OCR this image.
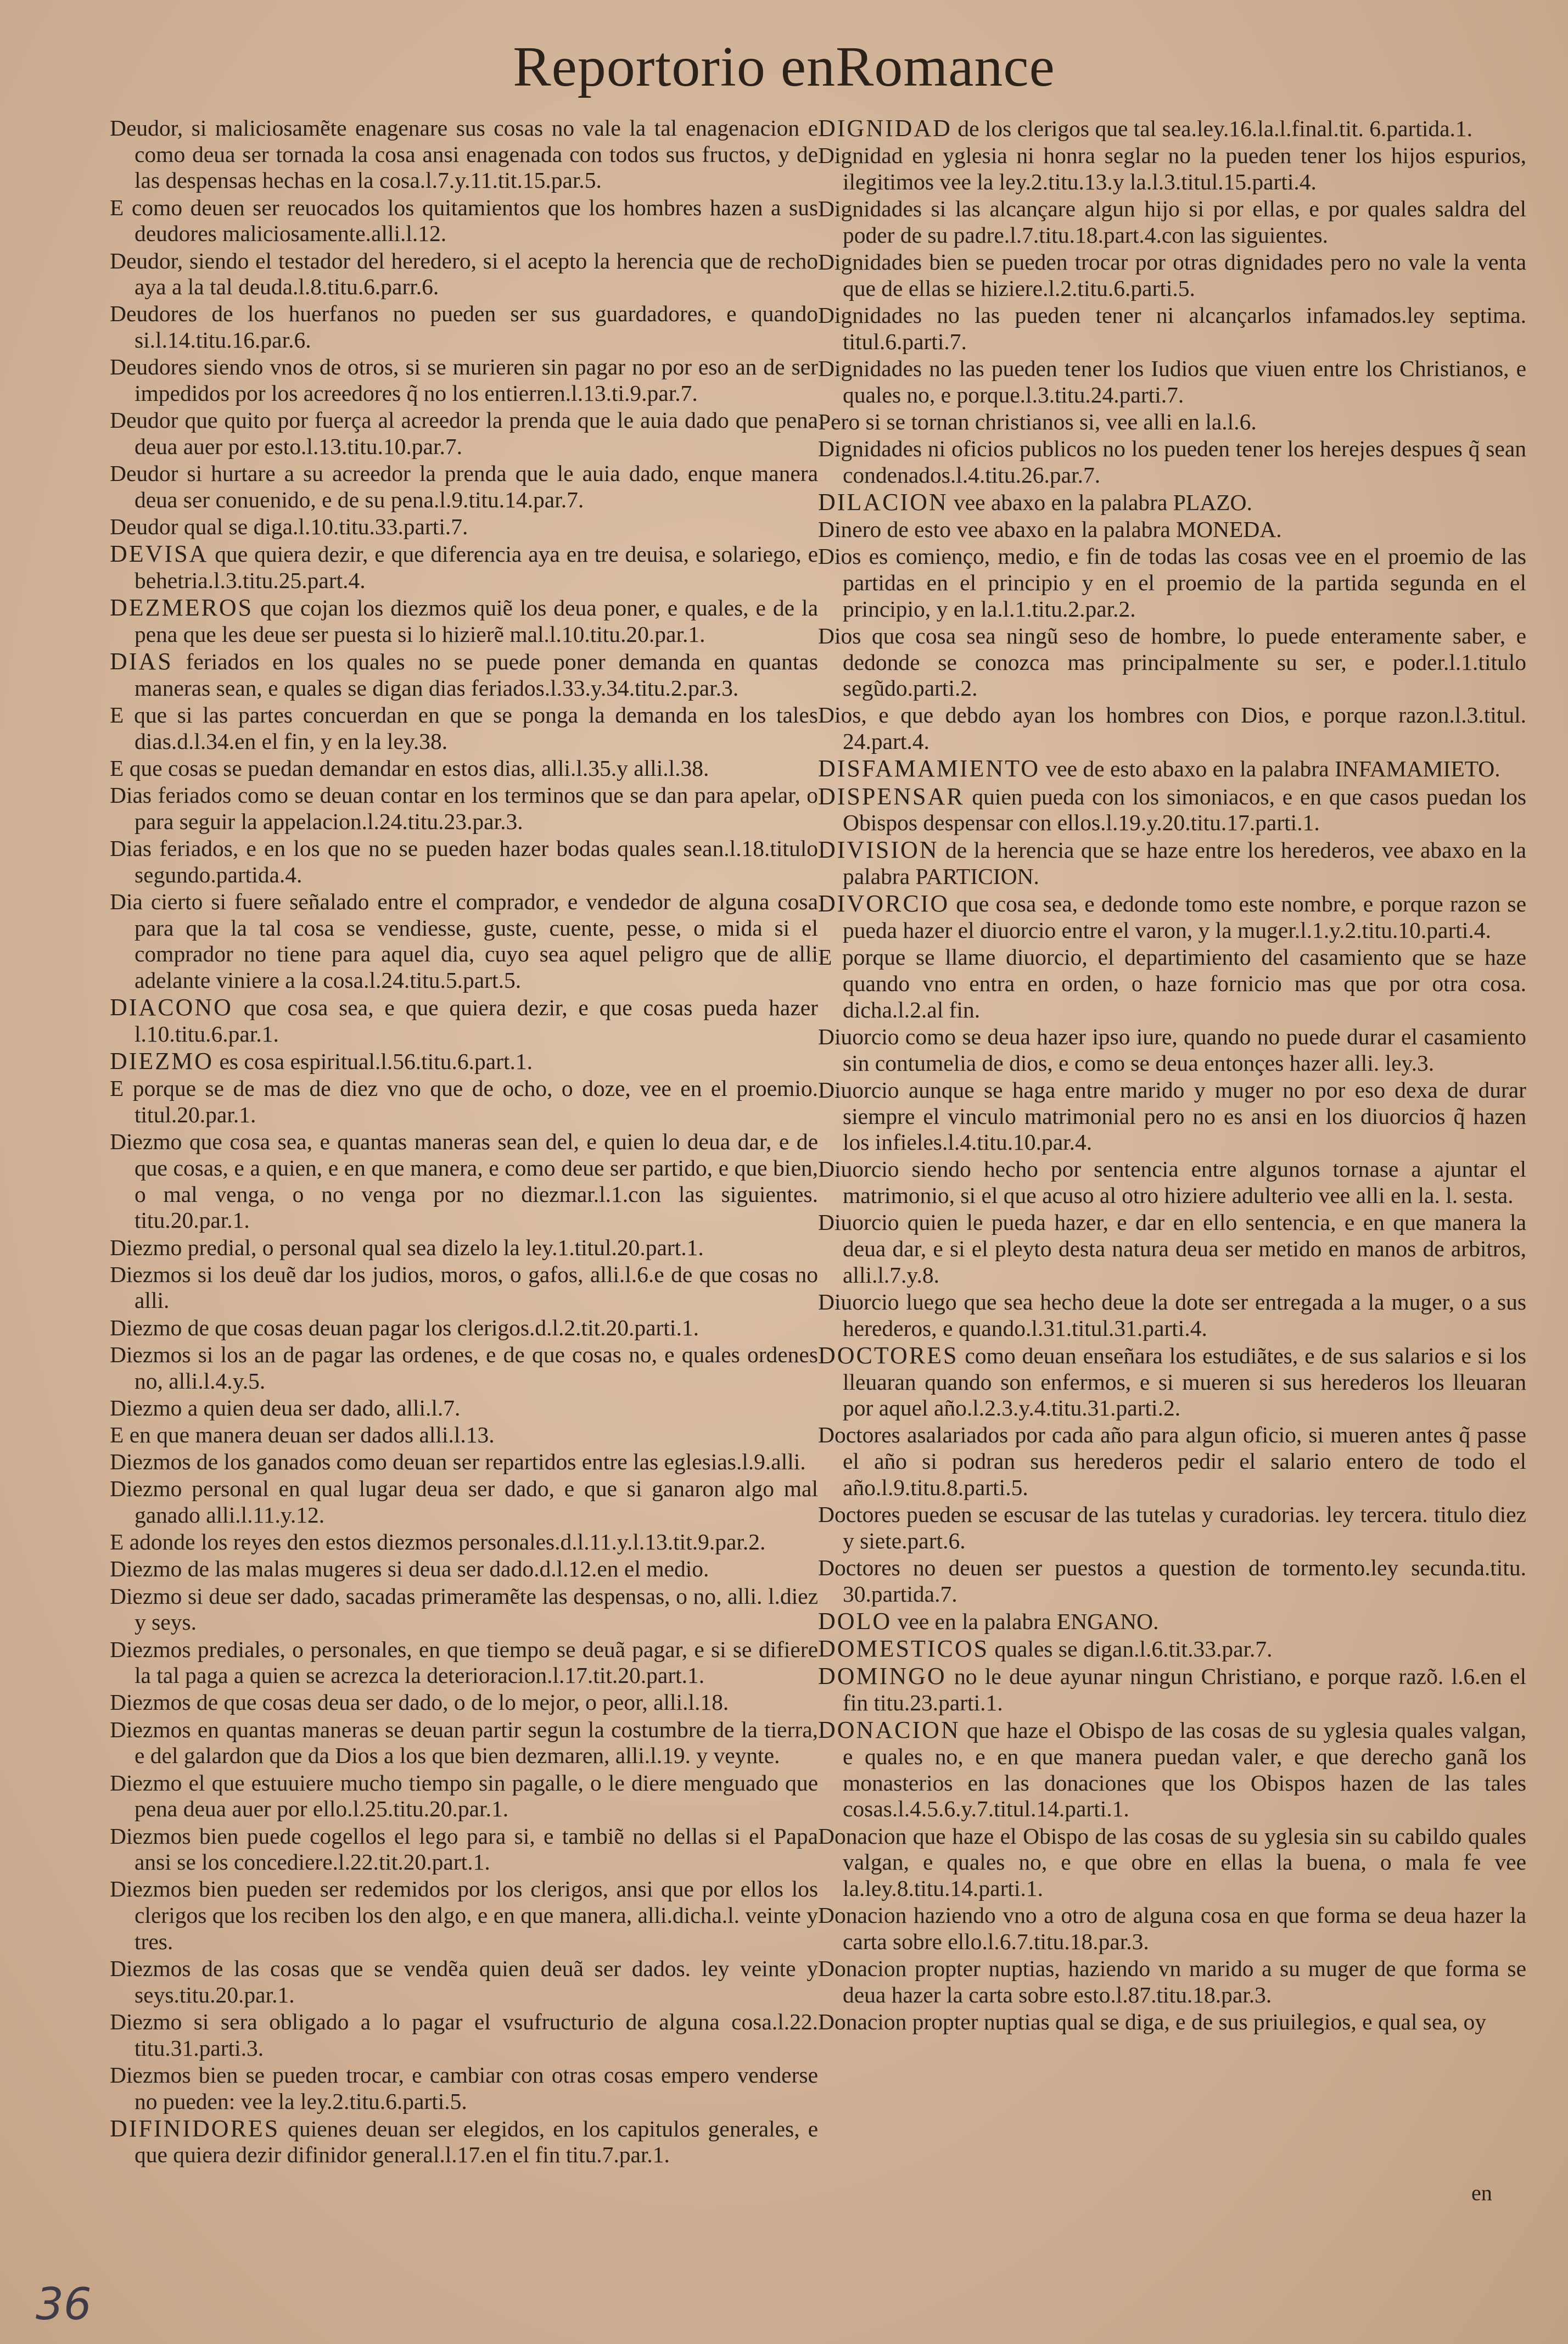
Reportorio enRomance

Deudor, si maliciosamẽte enagenare sus cosas no vale la tal enagenacion e como deua ser tornada la cosa ansi enagenada con todos sus fructos, y de las despensas hechas en la cosa.l.7.y.11.tit.15.par.5.

E como deuen ser reuocados los quitamientos que los hombres hazen a sus deudores maliciosamente.alli.l.12.

Deudor, siendo el testador del heredero, si el acepto la herencia que de recho aya a la tal deuda.l.8.titu.6.parr.6.

Deudores de los huerfanos no pueden ser sus guardadores, e quando si.l.14.titu.16.par.6.

Deudores siendo vnos de otros, si se murieren sin pagar no por eso an de ser impedidos por los acreedores q̃ no los entierren.l.13.ti.9.par.7.

Deudor que quito por fuerça al acreedor la prenda que le auia dado que pena deua auer por esto.l.13.titu.10.par.7.

Deudor si hurtare a su acreedor la prenda que le auia dado, enque manera deua ser conuenido, e de su pena.l.9.titu.14.par.7.

Deudor qual se diga.l.10.titu.33.parti.7.

DEVISA que quiera dezir, e que diferencia aya en tre deuisa, e solariego, e behetria.l.3.titu.25.part.4.

DEZMEROS que cojan los diezmos quiẽ los deua poner, e quales, e de la pena que les deue ser puesta si lo hizierẽ mal.l.10.titu.20.par.1.

DIAS feriados en los quales no se puede poner demanda en quantas maneras sean, e quales se digan dias feriados.l.33.y.34.titu.2.par.3.

E que si las partes concuerdan en que se ponga la demanda en los tales dias.d.l.34.en el fin, y en la ley.38.

E que cosas se puedan demandar en estos dias, alli.l.35.y alli.l.38.

Dias feriados como se deuan contar en los terminos que se dan para apelar, o para seguir la appelacion.l.24.titu.23.par.3.

Dias feriados, e en los que no se pueden hazer bodas quales sean.l.18.titulo segundo.partida.4.

Dia cierto si fuere señalado entre el comprador, e vendedor de alguna cosa para que la tal cosa se vendiesse, guste, cuente, pesse, o mida si el comprador no tiene para aquel dia, cuyo sea aquel peligro que de alli adelante viniere a la cosa.l.24.titu.5.part.5.

DIACONO que cosa sea, e que quiera dezir, e que cosas pueda hazer l.10.titu.6.par.1.

DIEZMO es cosa espiritual.l.56.titu.6.part.1.

E porque se de mas de diez vno que de ocho, o doze, vee en el proemio. titul.20.par.1.

Diezmo que cosa sea, e quantas maneras sean del, e quien lo deua dar, e de que cosas, e a quien, e en que manera, e como deue ser partido, e que bien, o mal venga, o no venga por no diezmar.l.1.con las siguientes. titu.20.par.1.

Diezmo predial, o personal qual sea dizelo la ley.1.titul.20.part.1.

Diezmos si los deuẽ dar los judios, moros, o gafos, alli.l.6.e de que cosas no alli.

Diezmo de que cosas deuan pagar los clerigos.d.l.2.tit.20.parti.1.

Diezmos si los an de pagar las ordenes, e de que cosas no, e quales ordenes no, alli.l.4.y.5.

Diezmo a quien deua ser dado, alli.l.7.

E en que manera deuan ser dados alli.l.13.

Diezmos de los ganados como deuan ser repartidos entre las eglesias.l.9.alli.

Diezmo personal en qual lugar deua ser dado, e que si ganaron algo mal ganado alli.l.11.y.12.

E adonde los reyes den estos diezmos personales.d.l.11.y.l.13.tit.9.par.2.

Diezmo de las malas mugeres si deua ser dado.d.l.12.en el medio.

Diezmo si deue ser dado, sacadas primeramẽte las despensas, o no, alli. l.diez y seys.

Diezmos prediales, o personales, en que tiempo se deuã pagar, e si se difiere la tal paga a quien se acrezca la deterioracion.l.17.tit.20.part.1.

Diezmos de que cosas deua ser dado, o de lo mejor, o peor, alli.l.18.

Diezmos en quantas maneras se deuan partir segun la costumbre de la tierra, e del galardon que da Dios a los que bien dezmaren, alli.l.19. y veynte.

Diezmo el que estuuiere mucho tiempo sin pagalle, o le diere menguado que pena deua auer por ello.l.25.titu.20.par.1.

Diezmos bien puede cogellos el lego para si, e tambiẽ no dellas si el Papa ansi se los concediere.l.22.tit.20.part.1.

Diezmos bien pueden ser redemidos por los clerigos, ansi que por ellos los clerigos que los reciben los den algo, e en que manera, alli.dicha.l. veinte y tres.

Diezmos de las cosas que se vendẽa quien deuã ser dados. ley veinte y seys.titu.20.par.1.

Diezmo si sera obligado a lo pagar el vsufructurio de alguna cosa.l.22. titu.31.parti.3.

Diezmos bien se pueden trocar, e cambiar con otras cosas empero venderse no pueden: vee la ley.2.titu.6.parti.5.

DIFINIDORES quienes deuan ser elegidos, en los capitulos generales, e que quiera dezir difinidor general.l.17.en el fin titu.7.par.1.

DIGNIDAD de los clerigos que tal sea.ley.16.la.l.final.tit. 6.partida.1.

Dignidad en yglesia ni honra seglar no la pueden tener los hijos espurios, ilegitimos vee la ley.2.titu.13.y la.l.3.titul.15.parti.4.

Dignidades si las alcançare algun hijo si por ellas, e por quales saldra del poder de su padre.l.7.titu.18.part.4.con las siguientes.

Dignidades bien se pueden trocar por otras dignidades pero no vale la venta que de ellas se hiziere.l.2.titu.6.parti.5.

Dignidades no las pueden tener ni alcançarlos infamados.ley septima. titul.6.parti.7.

Dignidades no las pueden tener los Iudios que viuen entre los Christianos, e quales no, e porque.l.3.titu.24.parti.7.

Pero si se tornan christianos si, vee alli en la.l.6.

Dignidades ni oficios publicos no los pueden tener los herejes despues q̃ sean condenados.l.4.titu.26.par.7.

DILACION vee abaxo en la palabra PLAZO.

Dinero de esto vee abaxo en la palabra MONEDA.

Dios es comienço, medio, e fin de todas las cosas vee en el proemio de las partidas en el principio y en el proemio de la partida segunda en el principio, y en la.l.1.titu.2.par.2.

Dios que cosa sea ningũ seso de hombre, lo puede enteramente saber, e dedonde se conozca mas principalmente su ser, e poder.l.1.titulo segũdo.parti.2.

Dios, e que debdo ayan los hombres con Dios, e porque razon.l.3.titul. 24.part.4.

DISFAMAMIENTO vee de esto abaxo en la palabra INFAMAMIETO.

DISPENSAR quien pueda con los simoniacos, e en que casos puedan los Obispos despensar con ellos.l.19.y.20.titu.17.parti.1.

DIVISION de la herencia que se haze entre los herederos, vee abaxo en la palabra PARTICION.

DIVORCIO que cosa sea, e dedonde tomo este nombre, e porque razon se pueda hazer el diuorcio entre el varon, y la muger.l.1.y.2.titu.10.parti.4.

E porque se llame diuorcio, el departimiento del casamiento que se haze quando vno entra en orden, o haze fornicio mas que por otra cosa. dicha.l.2.al fin.

Diuorcio como se deua hazer ipso iure, quando no puede durar el casamiento sin contumelia de dios, e como se deua entonçes hazer alli. ley.3.

Diuorcio aunque se haga entre marido y muger no por eso dexa de durar siempre el vinculo matrimonial pero no es ansi en los diuorcios q̃ hazen los infieles.l.4.titu.10.par.4.

Diuorcio siendo hecho por sentencia entre algunos tornase a ajuntar el matrimonio, si el que acuso al otro hiziere adulterio vee alli en la. l. sesta.

Diuorcio quien le pueda hazer, e dar en ello sentencia, e en que manera la deua dar, e si el pleyto desta natura deua ser metido en manos de arbitros, alli.l.7.y.8.

Diuorcio luego que sea hecho deue la dote ser entregada a la muger, o a sus herederos, e quando.l.31.titul.31.parti.4.

DOCTORES como deuan enseñara los estudiãtes, e de sus salarios e si los lleuaran quando son enfermos, e si mueren si sus herederos los lleuaran por aquel año.l.2.3.y.4.titu.31.parti.2.

Doctores asalariados por cada año para algun oficio, si mueren antes q̃ passe el año si podran sus herederos pedir el salario entero de todo el año.l.9.titu.8.parti.5.

Doctores pueden se escusar de las tutelas y curadorias. ley tercera. titulo diez y siete.part.6.

Doctores no deuen ser puestos a question de tormento.ley secunda.titu. 30.partida.7.

DOLO vee en la palabra ENGANO.

DOMESTICOS quales se digan.l.6.tit.33.par.7.

DOMINGO no le deue ayunar ningun Christiano, e porque razõ. l.6.en el fin titu.23.parti.1.

DONACION que haze el Obispo de las cosas de su yglesia quales valgan, e quales no, e en que manera puedan valer, e que derecho ganã los monasterios en las donaciones que los Obispos hazen de las tales cosas.l.4.5.6.y.7.titul.14.parti.1.

Donacion que haze el Obispo de las cosas de su yglesia sin su cabildo quales valgan, e quales no, e que obre en ellas la buena, o mala fe vee la.ley.8.titu.14.parti.1.

Donacion haziendo vno a otro de alguna cosa en que forma se deua hazer la carta sobre ello.l.6.7.titu.18.par.3.

Donacion propter nuptias, haziendo vn marido a su muger de que forma se deua hazer la carta sobre esto.l.87.titu.18.par.3.

Donacion propter nuptias qual se diga, e de sus priuilegios, e qual sea, oy

en
36
